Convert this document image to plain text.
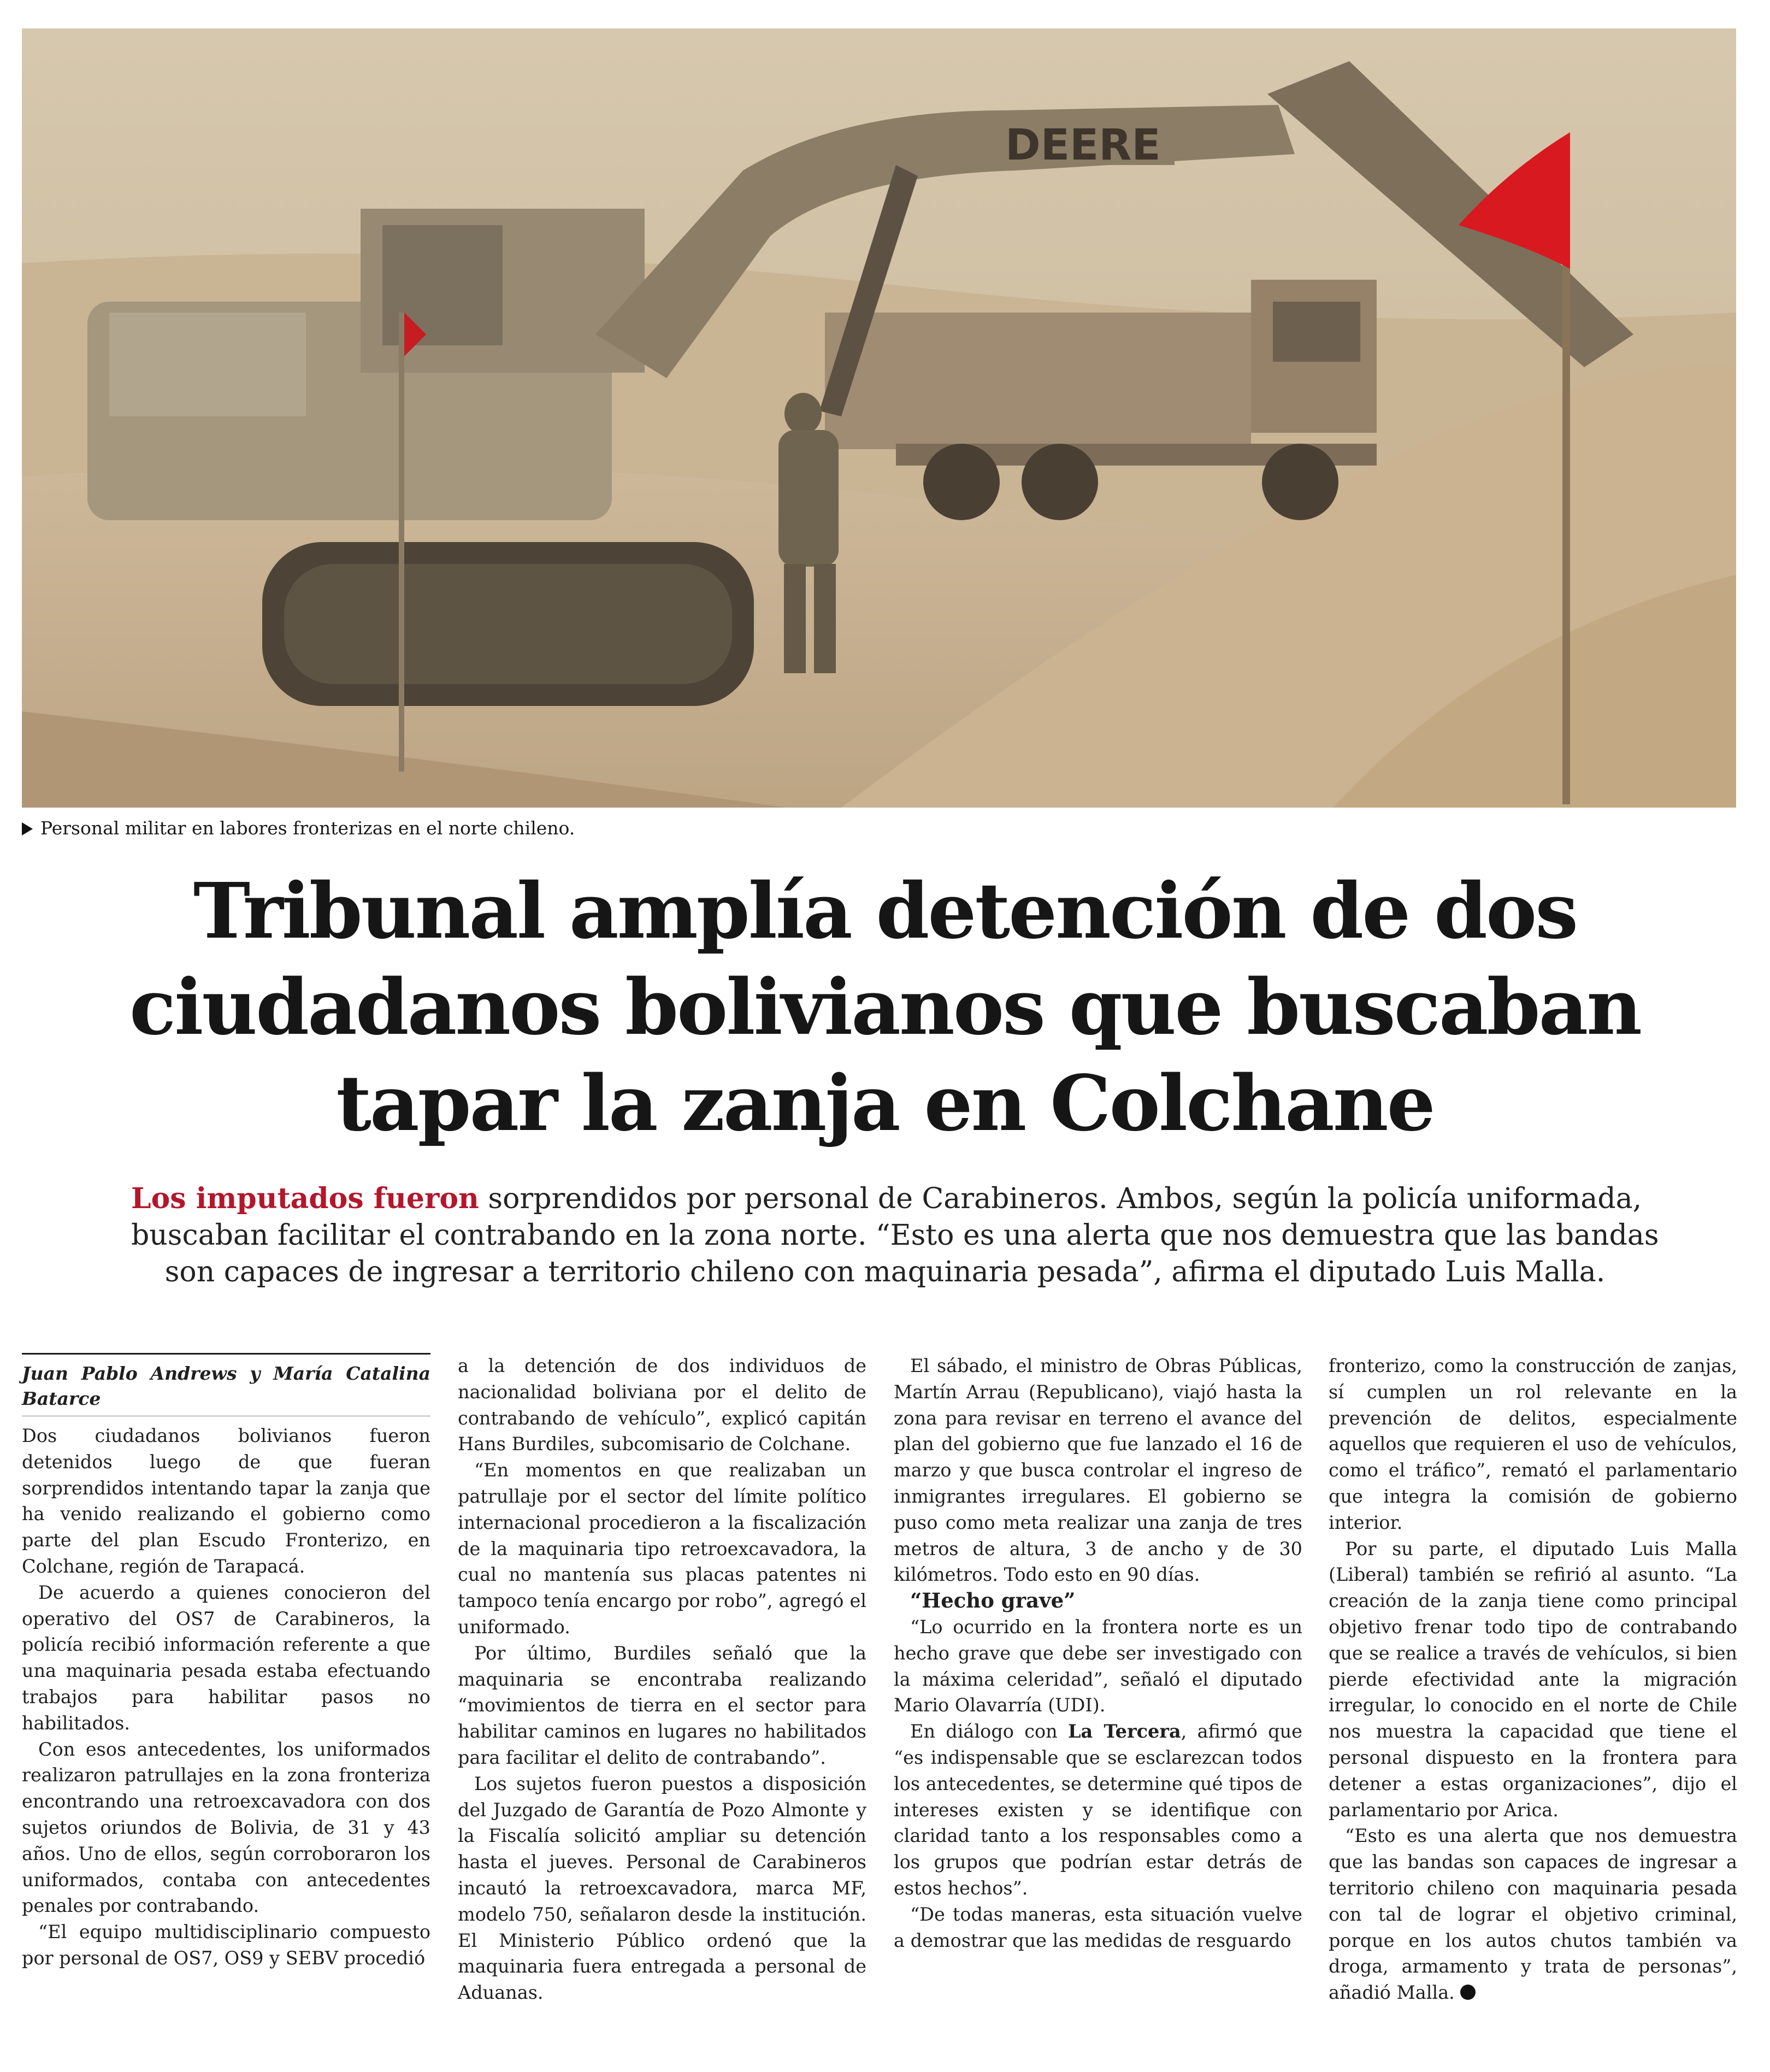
DEERE
Personal militar en labores fronterizas en el norte chileno.
Tribunal amplía detención de dos
ciudadanos bolivianos que buscaban
tapar la zanja en Colchane
Los imputados fueron sorprendidos por personal de Carabineros. Ambos, según la policía uniformada,
buscaban facilitar el contrabando en la zona norte. “Esto es una alerta que nos demuestra que las bandas
son capaces de ingresar a territorio chileno con maquinaria pesada”, afirma el diputado Luis Malla.
Juan Pablo Andrews y María Catalina Batarce

Dos ciudadanos bolivianos fueron detenidos luego de que fueran sorprendidos intentando tapar la zanja que ha venido realizando el gobierno como parte del plan Escudo Fronterizo, en Colchane, región de Tarapacá.

De acuerdo a quienes conocieron del operativo del OS7 de Carabineros, la policía recibió información referente a que una maquinaria pesada estaba efectuando trabajos para habilitar pasos no habilitados.

Con esos antecedentes, los uniformados realizaron patrullajes en la zona fronteriza encontrando una retroexcavadora con dos sujetos oriundos de Bolivia, de 31 y 43 años. Uno de ellos, según corroboraron los uniformados, contaba con antecedentes penales por contrabando.

“El equipo multidisciplinario compuesto por personal de OS7, OS9 y SEBV procedió

a la detención de dos individuos de nacionalidad boliviana por el delito de contrabando de vehículo”, explicó capitán Hans Burdiles, subcomisario de Colchane.

“En momentos en que realizaban un patrullaje por el sector del límite político internacional procedieron a la fiscalización de la maquinaria tipo retroexcavadora, la cual no mantenía sus placas patentes ni tampoco tenía encargo por robo”, agregó el uniformado.

Por último, Burdiles señaló que la maquinaria se encontraba realizando “movimientos de tierra en el sector para habilitar caminos en lugares no habilitados para facilitar el delito de contrabando”.

Los sujetos fueron puestos a disposición del Juzgado de Garantía de Pozo Almonte y la Fiscalía solicitó ampliar su detención hasta el jueves. Personal de Carabineros incautó la retroexcavadora, marca MF, modelo 750, señalaron desde la institución. El Ministerio Público ordenó que la maquinaria fuera entregada a personal de Aduanas.

El sábado, el ministro de Obras Públicas, Martín Arrau (Republicano), viajó hasta la zona para revisar en terreno el avance del plan del gobierno que fue lanzado el 16 de marzo y que busca controlar el ingreso de inmigrantes irregulares. El gobierno se puso como meta realizar una zanja de tres metros de altura, 3 de ancho y de 30 kilómetros. Todo esto en 90 días.

“Hecho grave”

“Lo ocurrido en la frontera norte es un hecho grave que debe ser investigado con la máxima celeridad”, señaló el diputado Mario Olavarría (UDI).

En diálogo con La Tercera, afirmó que “es indispensable que se esclarezcan todos los antecedentes, se determine qué tipos de intereses existen y se identifique con claridad tanto a los responsables como a los grupos que podrían estar detrás de estos hechos”.

“De todas maneras, esta situación vuelve a demostrar que las medidas de resguardo

fronterizo, como la construcción de zanjas, sí cumplen un rol relevante en la prevención de delitos, especialmente aquellos que requieren el uso de vehículos, como el tráfico”, remató el parlamentario que integra la comisión de gobierno interior.

Por su parte, el diputado Luis Malla (Liberal) también se refirió al asunto. “La creación de la zanja tiene como principal objetivo frenar todo tipo de contrabando que se realice a través de vehículos, si bien pierde efectividad ante la migración irregular, lo conocido en el norte de Chile nos muestra la capacidad que tiene el personal dispuesto en la frontera para detener a estas organizaciones”, dijo el parlamentario por Arica.

“Esto es una alerta que nos demuestra que las bandas son capaces de ingresar a territorio chileno con maquinaria pesada con tal de lograr el objetivo criminal, porque en los autos chutos también va droga, armamento y trata de personas”, añadió Malla.
